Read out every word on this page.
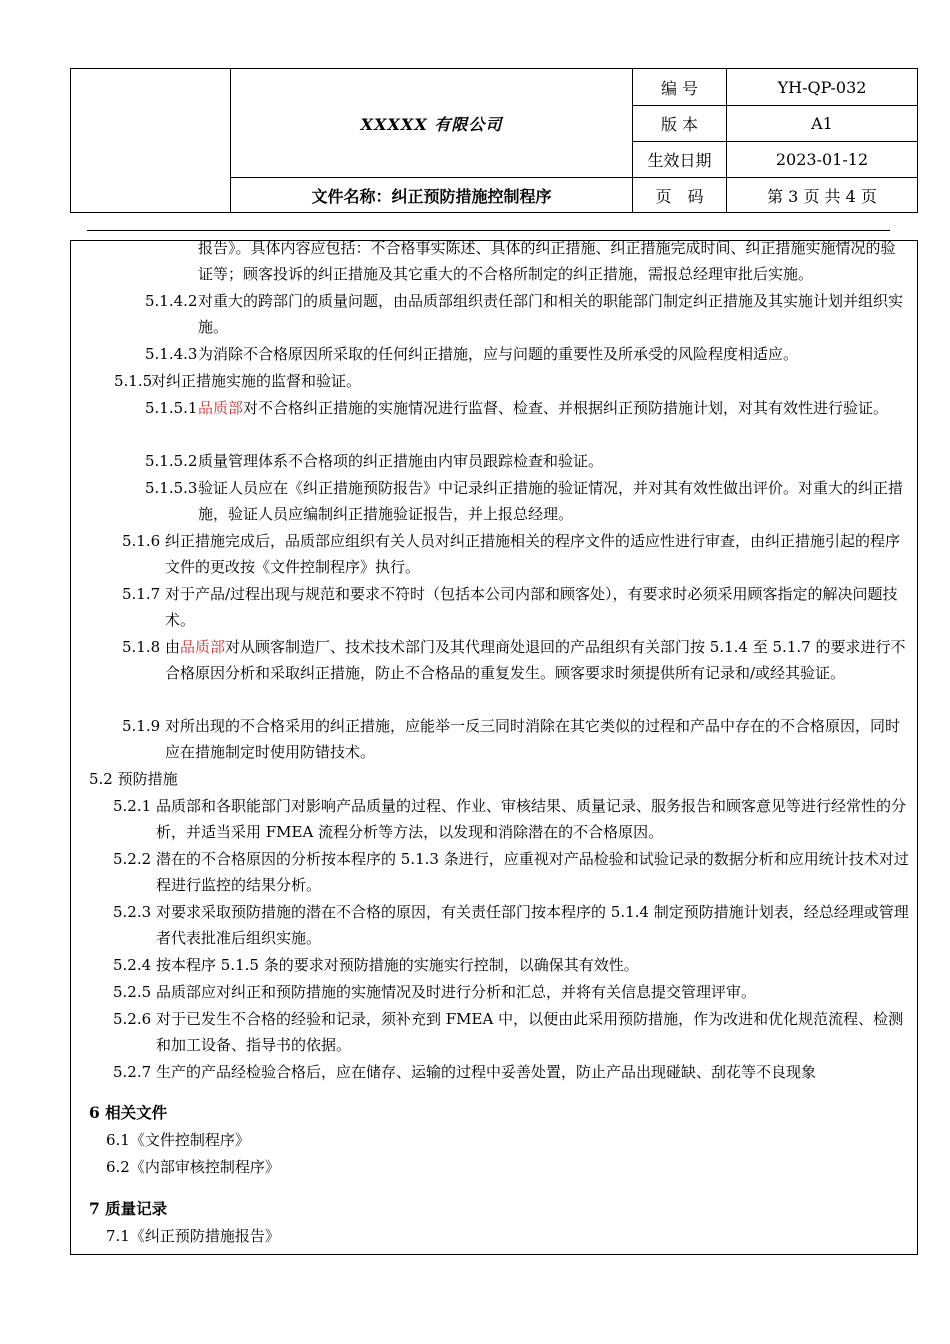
XXXXX 有限公司
文件名称：纠正预防措施控制程序
编 号	YH-QP-032
版 本	A1
生效日期	2023-01-12
页　码	第 3 页 共 4 页
报告》。具体内容应包括：不合格事实陈述、具体的纠正措施、纠正措施完成时间、纠正措施实施情况的验证等；顾客投诉的纠正措施及其它重大的不合格所制定的纠正措施，需报总经理审批后实施。
5.1.4.2 对重大的跨部门的质量问题，由品质部组织责任部门和相关的职能部门制定纠正措施及其实施计划并组织实施。
5.1.4.3 为消除不合格原因所采取的任何纠正措施，应与问题的重要性及所承受的风险程度相适应。
5.1.5
对纠正措施实施的监督和验证。
5.1.5.1 品质部对不合格纠正措施的实施情况进行监督、检查、并根据纠正预防措施计划，对其有效性进行验证。
5.1.5.2 质量管理体系不合格项的纠正措施由内审员跟踪检查和验证。
5.1.5.3 验证人员应在《纠正措施预防报告》中记录纠正措施的验证情况，并对其有效性做出评价。对重大的纠正措施，验证人员应编制纠正措施验证报告，并上报总经理。
5.1.6 纠正措施完成后，品质部应组织有关人员对纠正措施相关的程序文件的适应性进行审查，由纠正措施引起的程序文件的更改按《文件控制程序》执行。
5.1.7 对于产品/过程出现与规范和要求不符时（包括本公司内部和顾客处），有要求时必须采用顾客指定的解决问题技术。
5.1.8 由品质部对从顾客制造厂、技术技术部门及其代理商处退回的产品组织有关部门按 5.1.4 至 5.1.7 的要求进行不合格原因分析和采取纠正措施，防止不合格品的重复发生。顾客要求时须提供所有记录和/或经其验证。
5.1.9 对所出现的不合格采用的纠正措施，应能举一反三同时消除在其它类似的过程和产品中存在的不合格原因，同时应在措施制定时使用防错技术。
5.2 预防措施
5.2.1 品质部和各职能部门对影响产品质量的过程、作业、审核结果、质量记录、服务报告和顾客意见等进行经常性的分析，并适当采用 FMEA 流程分析等方法，以发现和消除潜在的不合格原因。
5.2.2 潜在的不合格原因的分析按本程序的 5.1.3 条进行，应重视对产品检验和试验记录的数据分析和应用统计技术对过程进行监控的结果分析。
5.2.3 对要求采取预防措施的潜在不合格的原因，有关责任部门按本程序的 5.1.4 制定预防措施计划表，经总经理或管理者代表批准后组织实施。
5.2.4 按本程序 5.1.5 条的要求对预防措施的实施实行控制，以确保其有效性。
5.2.5 品质部应对纠正和预防措施的实施情况及时进行分析和汇总，并将有关信息提交管理评审。
5.2.6 对于已发生不合格的经验和记录，须补充到 FMEA 中，以便由此采用预防措施，作为改进和优化规范流程、检测和加工设备、指导书的依据。
5.2.7 生产的产品经检验合格后，应在储存、运输的过程中妥善处置，防止产品出现碰缺、刮花等不良现象
6 相关文件
6.1《文件控制程序》
6.2《内部审核控制程序》
7 质量记录
7.1《纠正预防措施报告》
